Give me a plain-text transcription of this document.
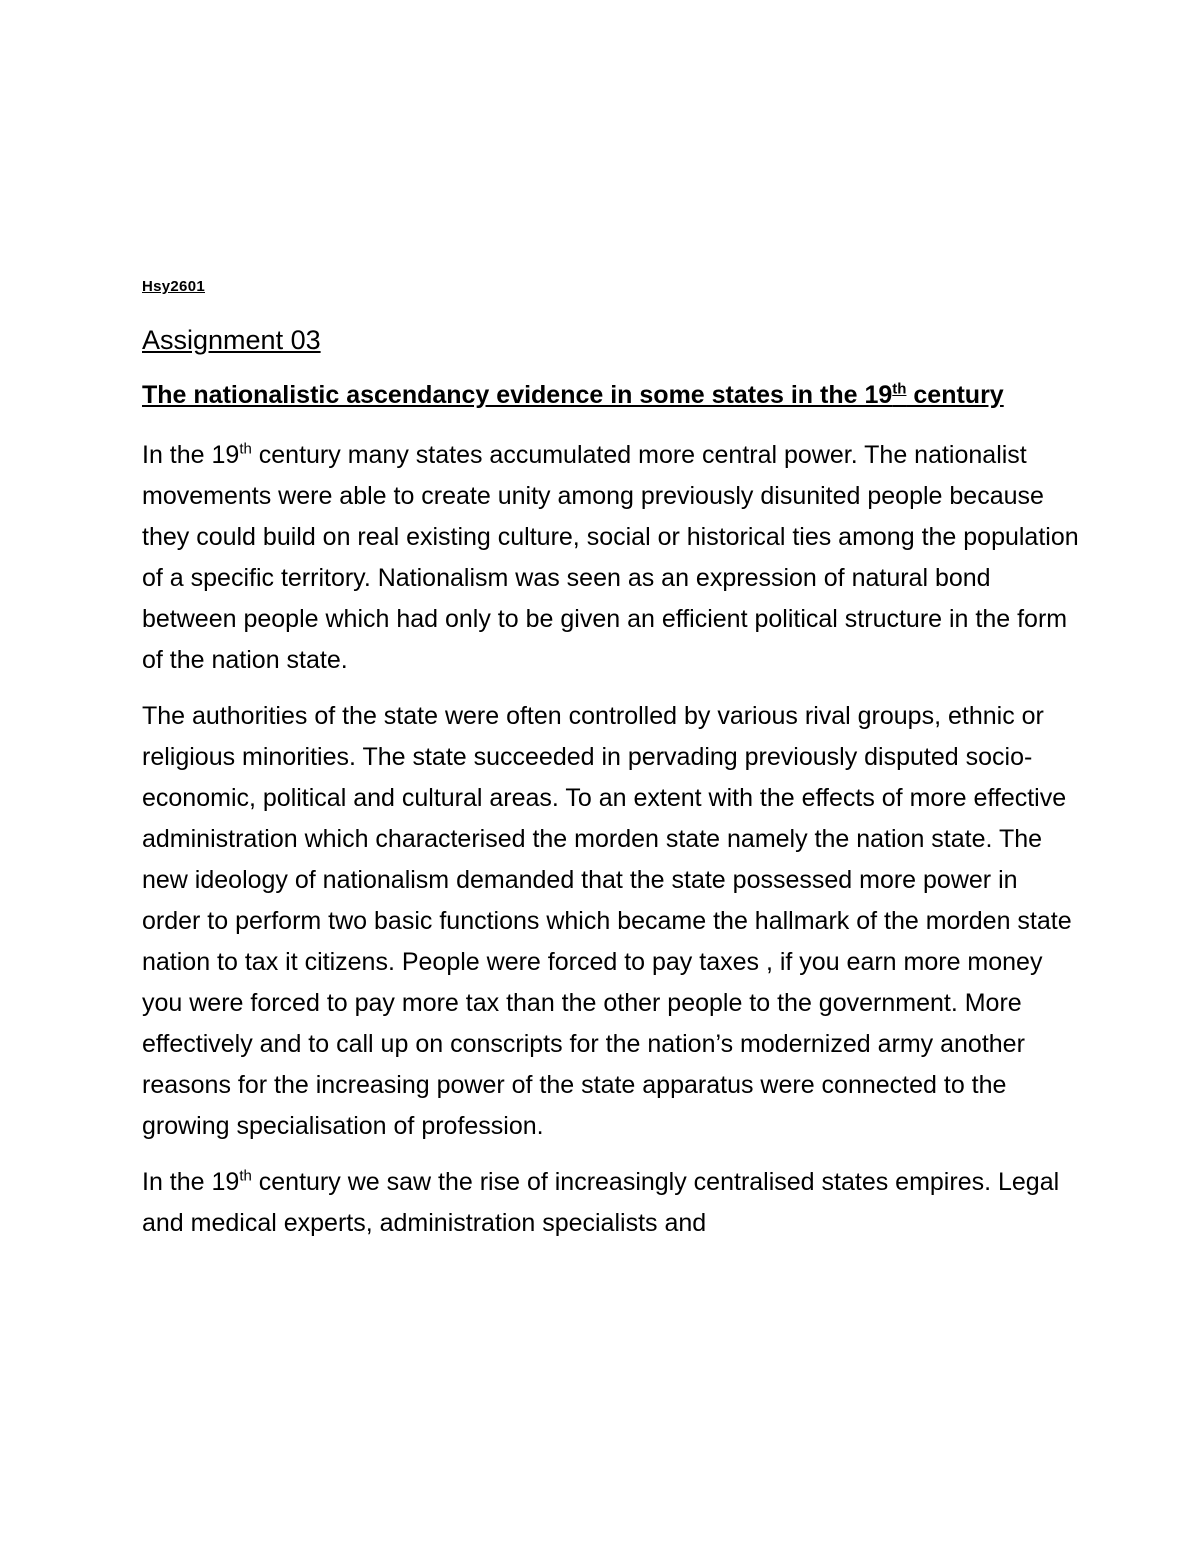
Hsy2601
Assignment 03
The nationalistic ascendancy evidence in some states in the 19th century

In the 19th century many states accumulated more central power. The nationalist movements were able to create unity among previously disunited people because they could build on real existing culture, social or historical ties among the population of a specific territory. Nationalism was seen as an expression of natural bond between people which had only to be given an efficient political structure in the form of the nation state.

The authorities of the state were often controlled by various rival groups, ethnic or religious minorities. The state succeeded in pervading previously disputed socio-economic, political and cultural areas. To an extent with the effects of more effective administration which characterised the morden state namely the nation state. The new ideology of nationalism demanded that the state possessed more power in order to perform two basic functions which became the hallmark of the morden state nation to tax it citizens. People were forced to pay taxes , if you earn more money you were forced to pay more tax than the other people to the government. More effectively and to call up on conscripts for the nation’s modernized army another reasons for the increasing power of the state apparatus were connected to the growing specialisation of profession.

In the 19th century we saw the rise of increasingly centralised states empires. Legal and medical experts, administration specialists and
